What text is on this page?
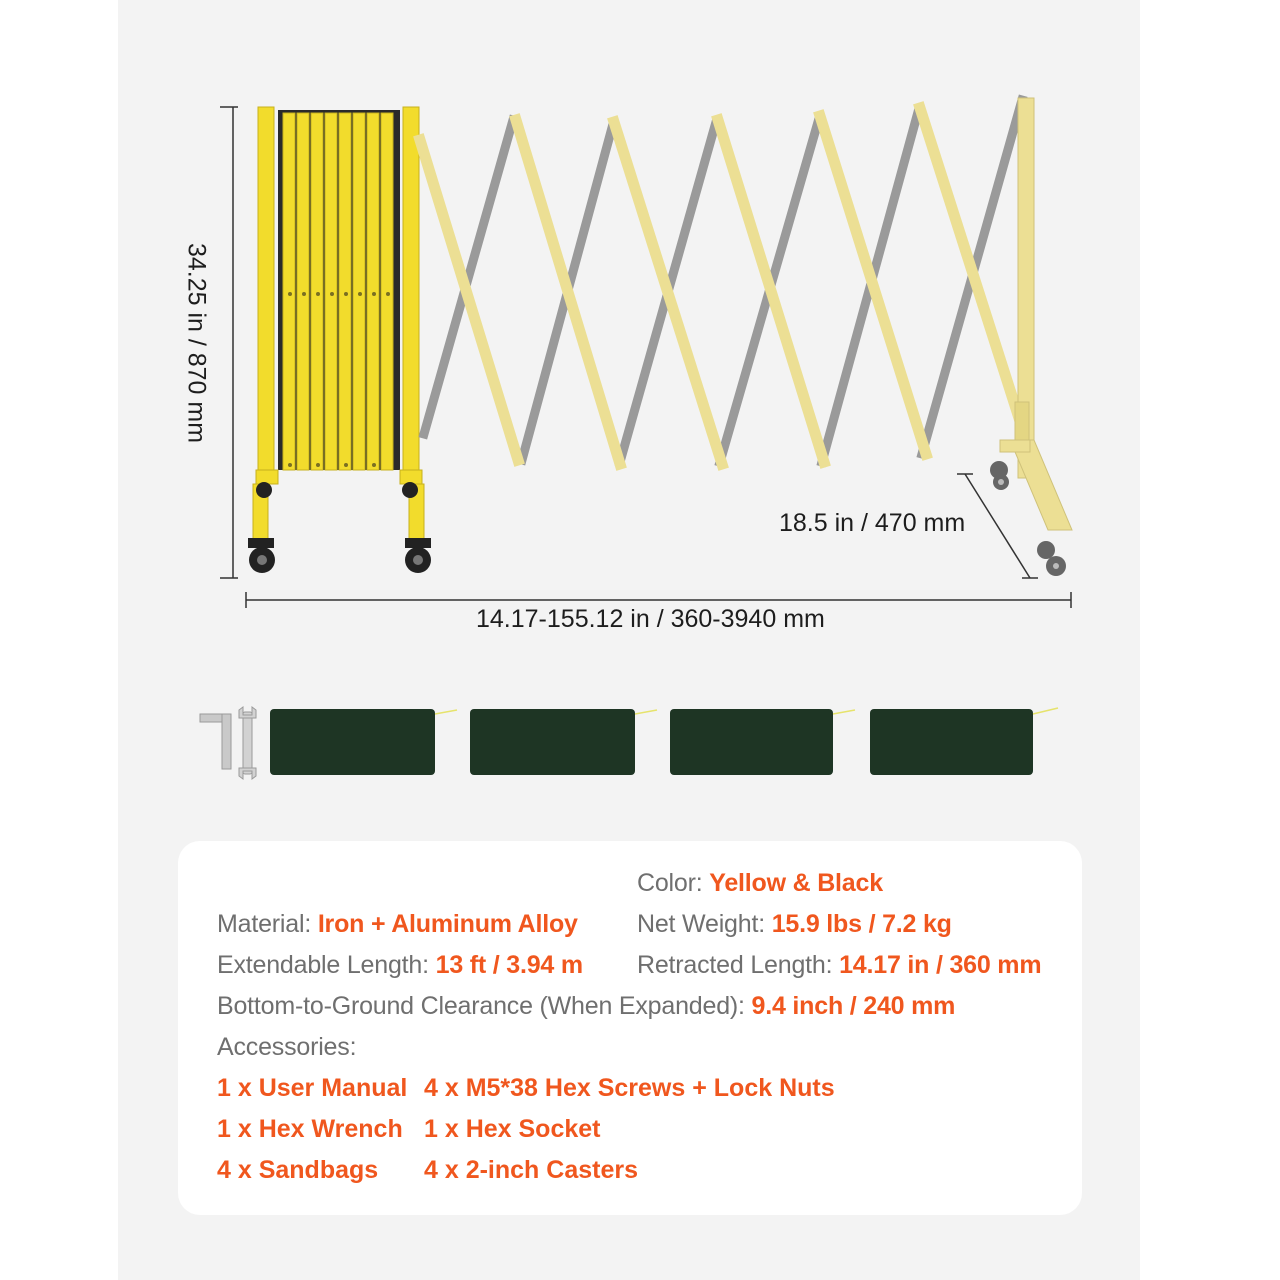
34.25 in / 870 mm
18.5 in / 470 mm
14.17-155.12 in / 360-3940 mm
Color: Yellow & Black
Material: Iron + Aluminum Alloy Net Weight: 15.9 lbs / 7.2 kg
Extendable Length: 13 ft / 3.94 m Retracted Length: 14.17 in / 360 mm
Bottom-to-Ground Clearance (When Expanded): 9.4 inch / 240 mm
Accessories:
1 x User Manual 4 x M5*38 Hex Screws + Lock Nuts
1 x Hex Wrench 1 x Hex Socket
4 x Sandbags 4 x 2-inch Casters
